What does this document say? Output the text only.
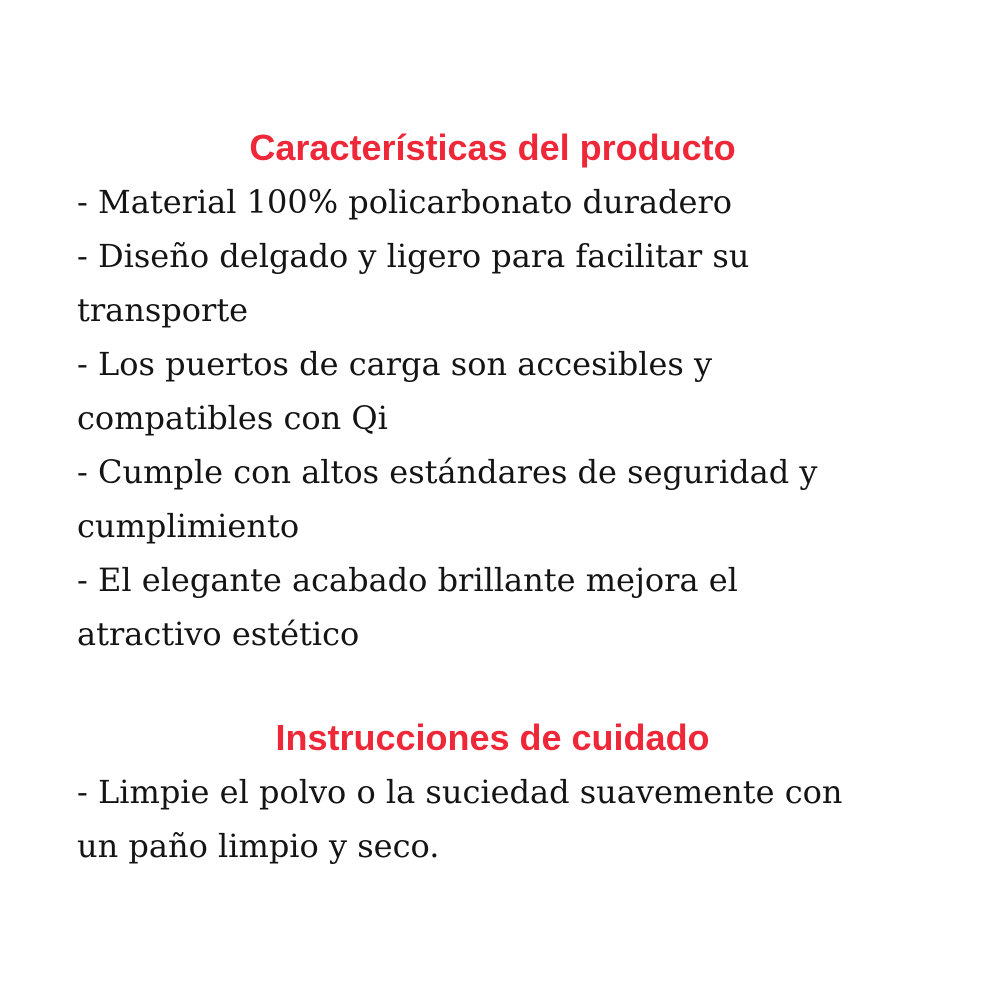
Características del producto

- Material 100% policarbonato duradero

- Diseño delgado y ligero para facilitar su

transporte

- Los puertos de carga son accesibles y

compatibles con Qi

- Cumple con altos estándares de seguridad y

cumplimiento

- El elegante acabado brillante mejora el

atractivo estético

Instrucciones de cuidado

- Limpie el polvo o la suciedad suavemente con

un paño limpio y seco.
